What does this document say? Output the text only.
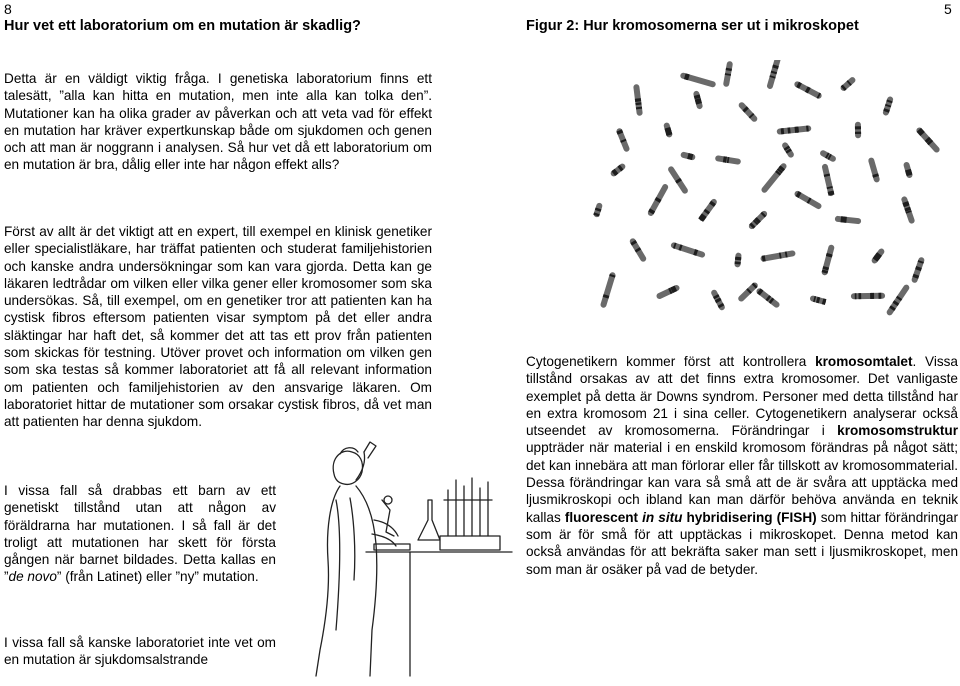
8
Hur vet ett laboratorium om en mutation är skadlig?

Detta är en väldigt viktig fråga. I genetiska laboratorium finns ett talesätt, ”alla kan hitta en mutation, men inte alla kan tolka den”. Mutationer kan ha olika grader av påverkan och att veta vad för effekt en mutation har kräver expertkunskap både om sjukdomen och genen och att man är noggrann i analysen. Så hur vet då ett laboratorium om en mutation är bra, dålig eller inte har någon effekt alls?

Först av allt är det viktigt att en expert, till exempel en klinisk genetiker eller specialistläkare, har träffat patienten och studerat familjehistorien och kanske andra undersökningar som kan vara gjorda. Detta kan ge läkaren ledtrådar om vilken eller vilka gener eller kromosomer som ska undersökas. Så, till exempel, om en genetiker tror att patienten kan ha cystisk fibros eftersom patienten visar symptom på det eller andra släktingar har haft det, så kommer det att tas ett prov från patienten som skickas för testning. Utöver provet och information om vilken gen som ska testas så kommer laboratoriet att få all relevant information om patienten och familjehistorien av den ansvarige läkaren. Om laboratoriet hittar de mutationer som orsakar cystisk fibros, då vet man att patienten har denna sjukdom.

I vissa fall så drabbas ett barn av ett genetiskt tillstånd utan att någon av föräldrarna har mutationen. I så fall är det troligt att mutationen har skett för första gången när barnet bildades. Detta kallas en ”de novo” (från Latinet) eller ”ny” mutation.

I vissa fall så kanske laboratoriet inte vet om en mutation är sjukdomsalstrande

5
Figur 2: Hur kromosomerna ser ut i mikroskopet

Cytogenetikern kommer först att kontrollera kromosomtalet. Vissa tillstånd orsakas av att det finns extra kromosomer. Det vanligaste exemplet på detta är Downs syndrom. Personer med detta tillstånd har en extra kromosom 21 i sina celler. Cytogenetikern analyserar också utseendet av kromosomerna. Förändringar i kromosomstruktur uppträder när material i en enskild kromosom förändras på något sätt; det kan innebära att man förlorar eller får tillskott av kromosommaterial. Dessa förändringar kan vara så små att de är svåra att upptäcka med ljusmikroskopi och ibland kan man därför behöva använda en teknik kallas fluorescent in situ hybridisering (FISH) som hittar förändringar som är för små för att upptäckas i mikroskopet. Denna metod kan också användas för att bekräfta saker man sett i ljusmikroskopet, men som man är osäker på vad de betyder.
